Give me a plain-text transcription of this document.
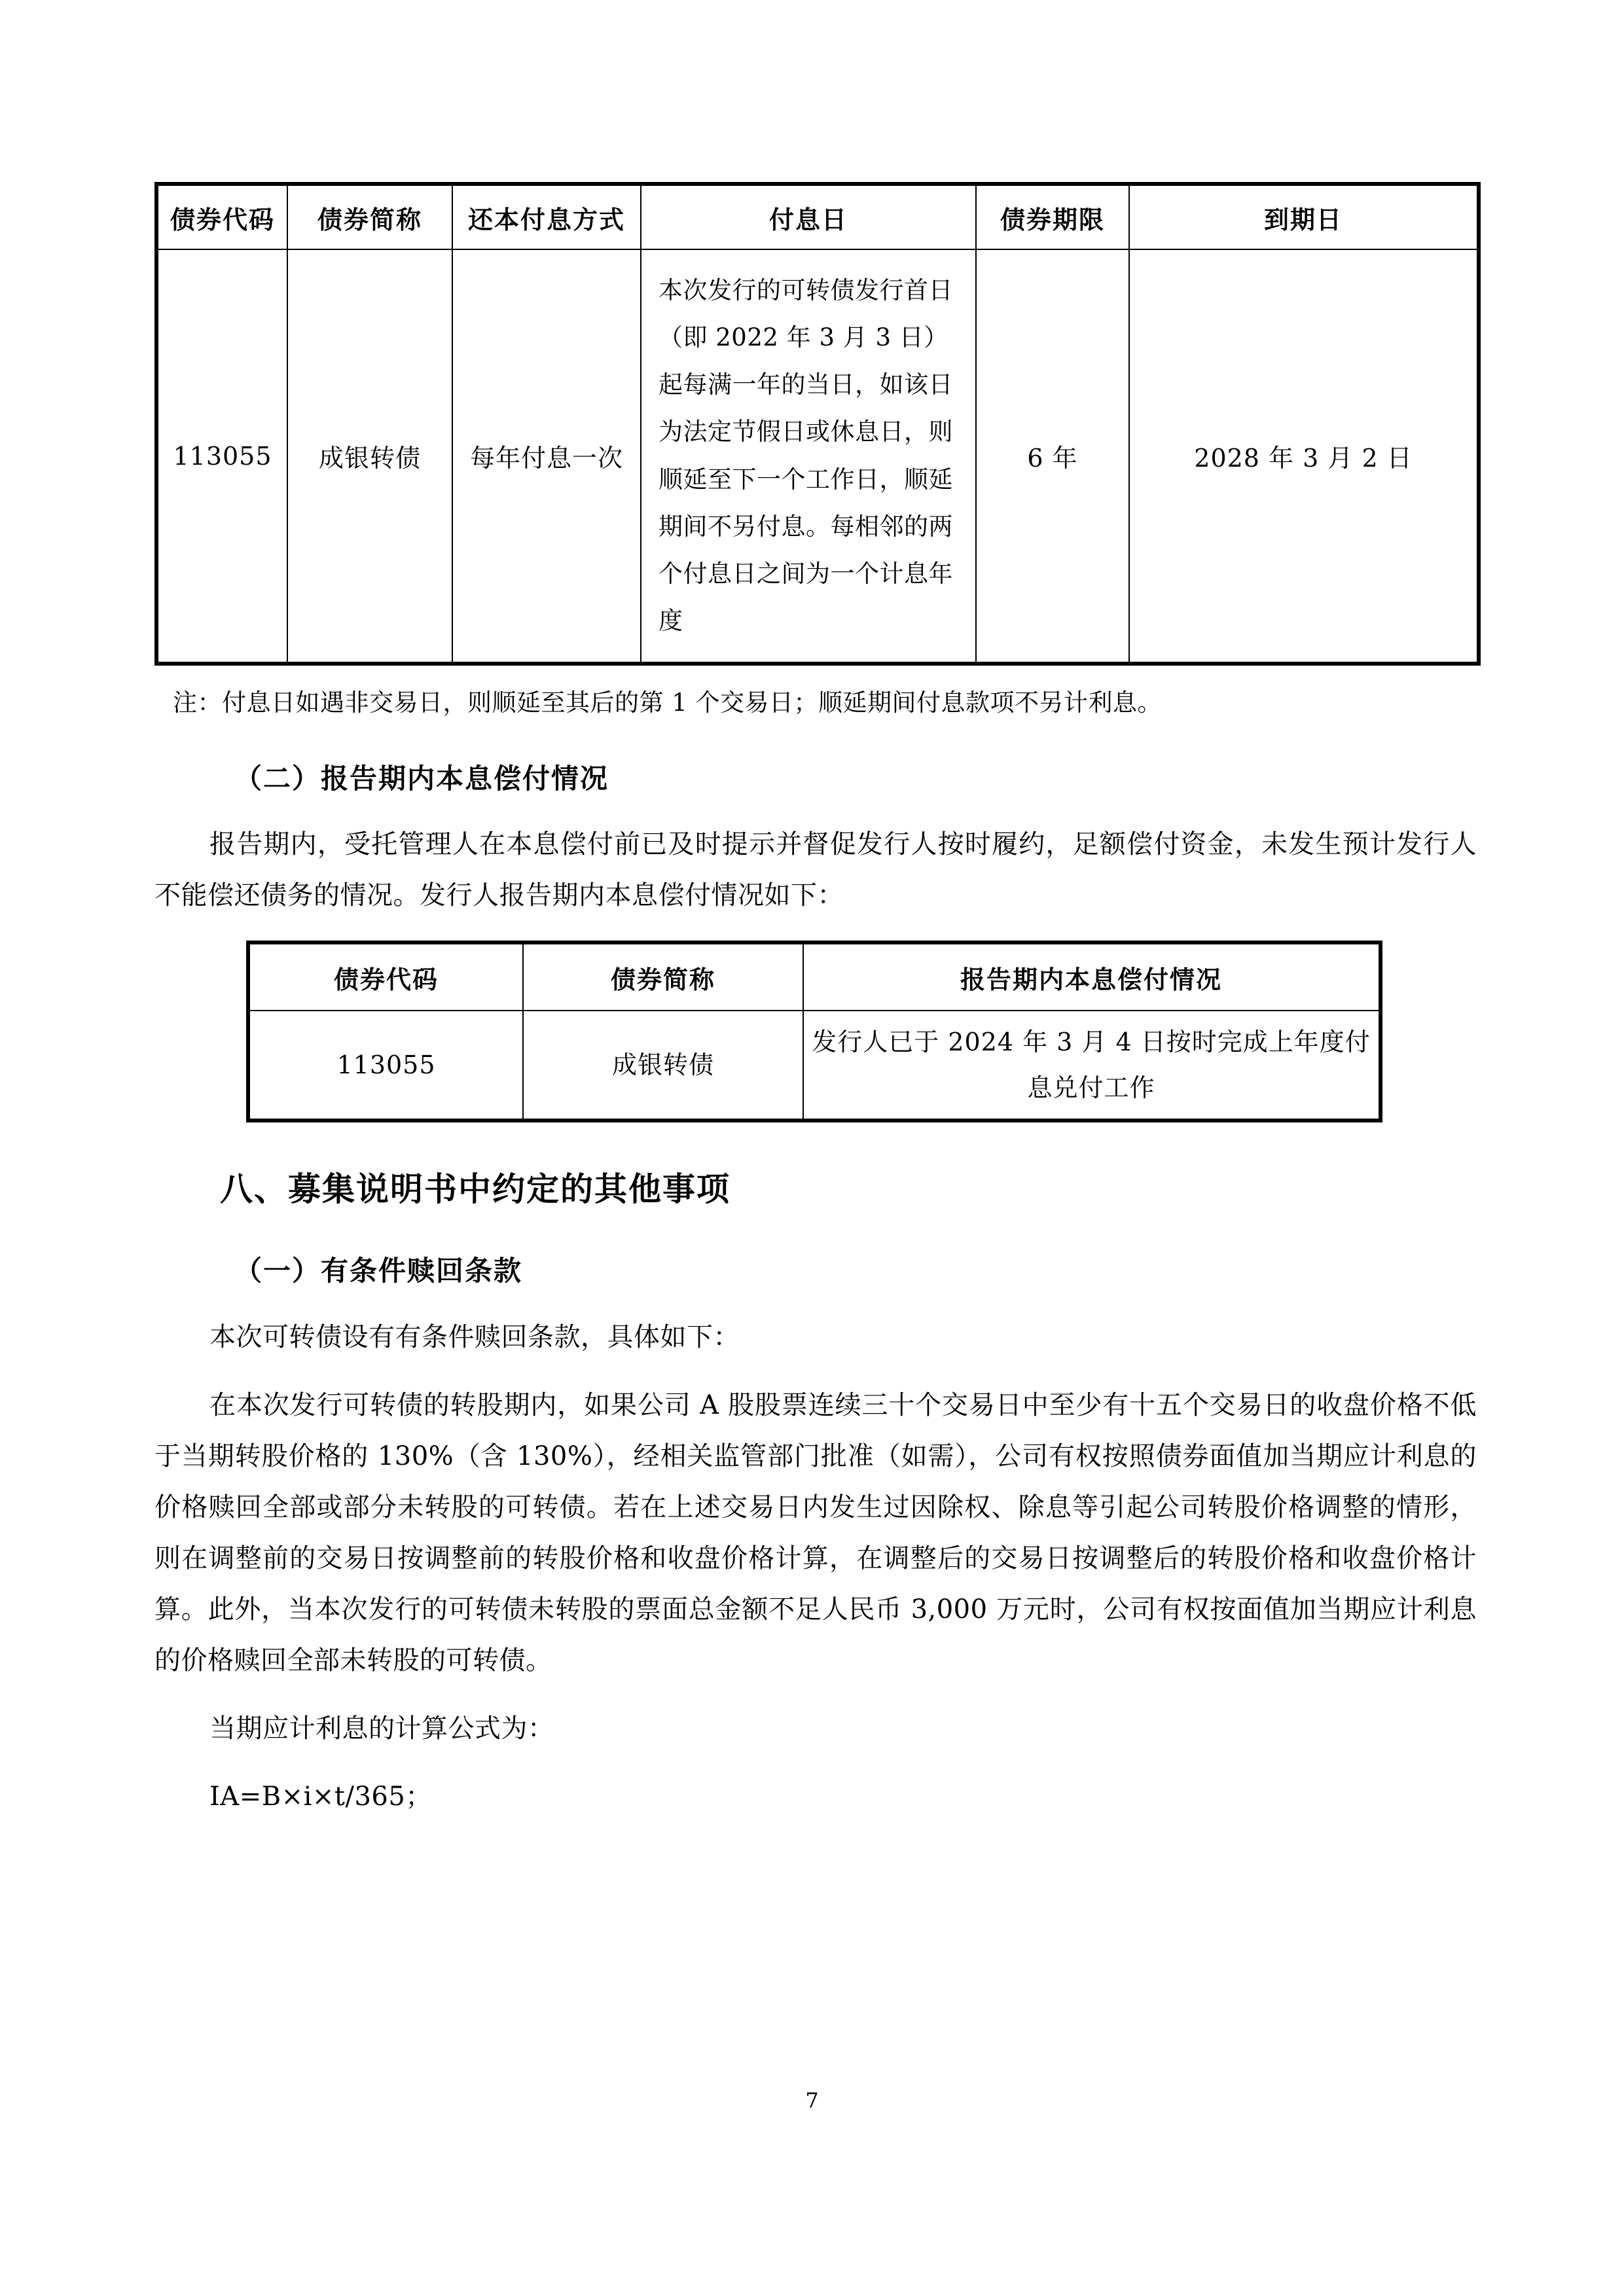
债券代码	债券简称	还本付息方式	付息日	债券期限	到期日
113055	成银转债	每年付息一次	本次发行的可转债发行首日（即 2022 年 3 月 3 日）起每满一年的当日，如该日为法定节假日或休息日，则顺延至下一个工作日，顺延期间不另付息。每相邻的两个付息日之间为一个计息年度	6 年	2028 年 3 月 2 日
注：付息日如遇非交易日，则顺延至其后的第 1 个交易日；顺延期间付息款项不另计利息。
（二）报告期内本息偿付情况

报告期内，受托管理人在本息偿付前已及时提示并督促发行人按时履约，足额偿付资金，未发生预计发行人不能偿还债务的情况。发行人报告期内本息偿付情况如下：

债券代码	债券简称	报告期内本息偿付情况
113055	成银转债	发行人已于 2024 年 3 月 4 日按时完成上年度付息兑付工作
八、募集说明书中约定的其他事项
（一）有条件赎回条款

本次可转债设有有条件赎回条款，具体如下：

在本次发行可转债的转股期内，如果公司 A 股股票连续三十个交易日中至少有十五个交易日的收盘价格不低于当期转股价格的 130%（含 130%），经相关监管部门批准（如需），公司有权按照债券面值加当期应计利息的价格赎回全部或部分未转股的可转债。若在上述交易日内发生过因除权、除息等引起公司转股价格调整的情形，则在调整前的交易日按调整前的转股价格和收盘价格计算，在调整后的交易日按调整后的转股价格和收盘价格计算。此外，当本次发行的可转债未转股的票面总金额不足人民币 3,000 万元时，公司有权按面值加当期应计利息的价格赎回全部未转股的可转债。

当期应计利息的计算公式为：

IA=B×i×t/365；

7
